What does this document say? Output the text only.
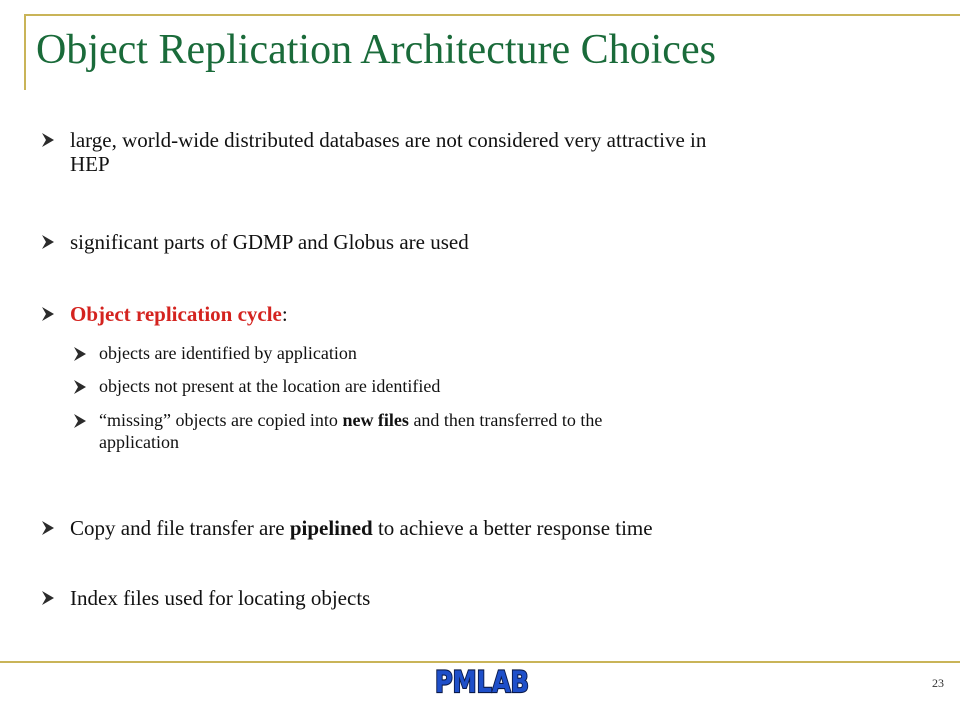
Object Replication Architecture Choices
large, world-wide distributed databases are not considered very attractive in
HEP
significant parts of GDMP and Globus are used
Object replication cycle:
objects are identified by application
objects not present at the location are identified
“missing” objects are copied into new files and then transferred to the
application
Copy and file transfer are pipelined to achieve a better response time
Index files used for locating objects
PMLAB	23
